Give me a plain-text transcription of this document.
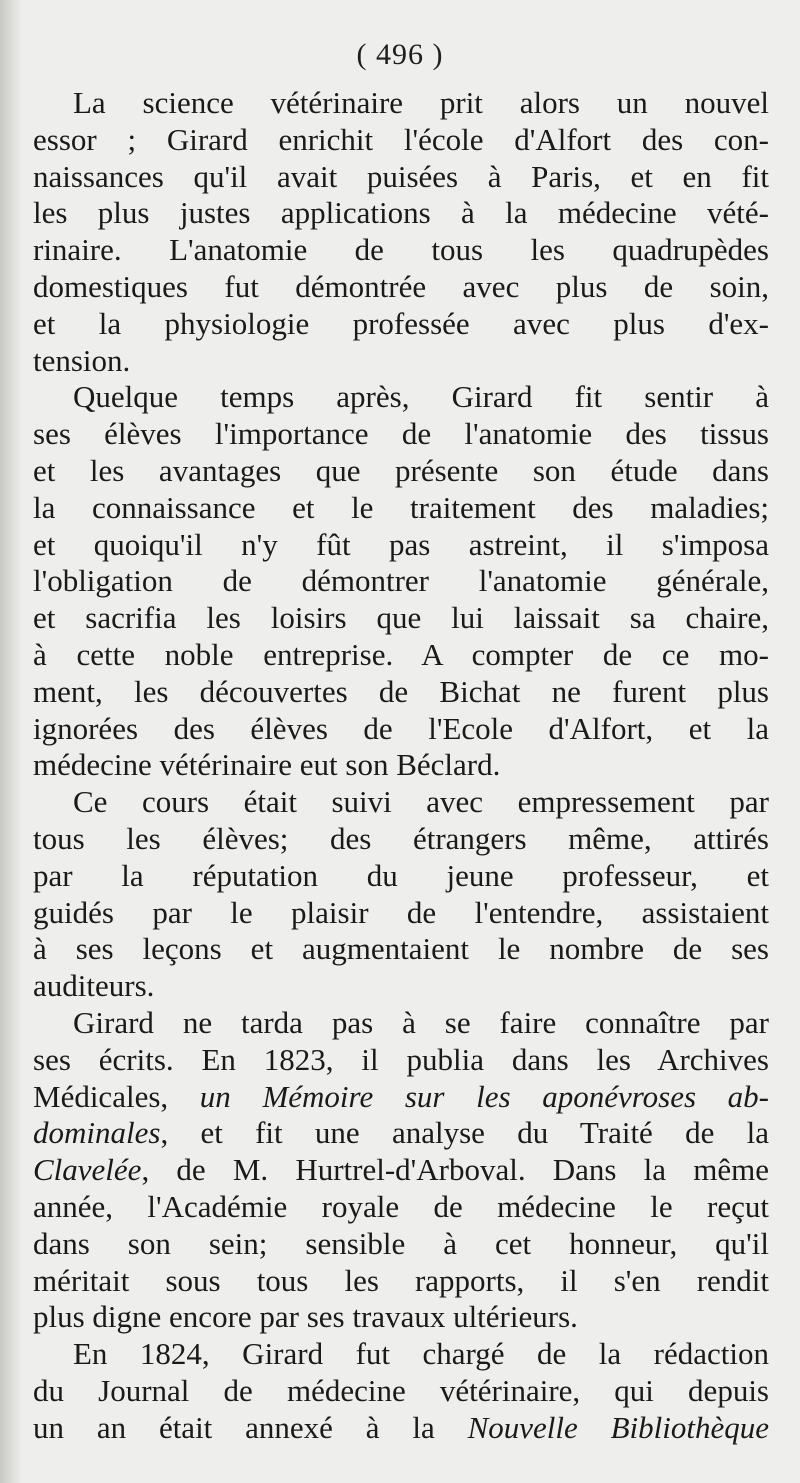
( 496 )
La science vétérinaire prit alors un nouvel
essor ; Girard enrichit l'école d'Alfort des con-
naissances qu'il avait puisées à Paris, et en fit
les plus justes applications à la médecine vété-
rinaire. L'anatomie de tous les quadrupèdes
domestiques fut démontrée avec plus de soin,
et la physiologie professée avec plus d'ex-
tension.
Quelque temps après, Girard fit sentir à
ses élèves l'importance de l'anatomie des tissus
et les avantages que présente son étude dans
la connaissance et le traitement des maladies;
et quoiqu'il n'y fût pas astreint, il s'imposa
l'obligation de démontrer l'anatomie générale,
et sacrifia les loisirs que lui laissait sa chaire,
à cette noble entreprise. A compter de ce mo-
ment, les découvertes de Bichat ne furent plus
ignorées des élèves de l'Ecole d'Alfort, et la
médecine vétérinaire eut son Béclard.
Ce cours était suivi avec empressement par
tous les élèves; des étrangers même, attirés
par la réputation du jeune professeur, et
guidés par le plaisir de l'entendre, assistaient
à ses leçons et augmentaient le nombre de ses
auditeurs.
Girard ne tarda pas à se faire connaître par
ses écrits. En 1823, il publia dans les Archives
Médicales, un Mémoire sur les aponévroses ab-
dominales, et fit une analyse du Traité de la
Clavelée, de M. Hurtrel-d'Arboval. Dans la même
année, l'Académie royale de médecine le reçut
dans son sein; sensible à cet honneur, qu'il
méritait sous tous les rapports, il s'en rendit
plus digne encore par ses travaux ultérieurs.
En 1824, Girard fut chargé de la rédaction
du Journal de médecine vétérinaire, qui depuis
un an était annexé à la Nouvelle Bibliothèque
